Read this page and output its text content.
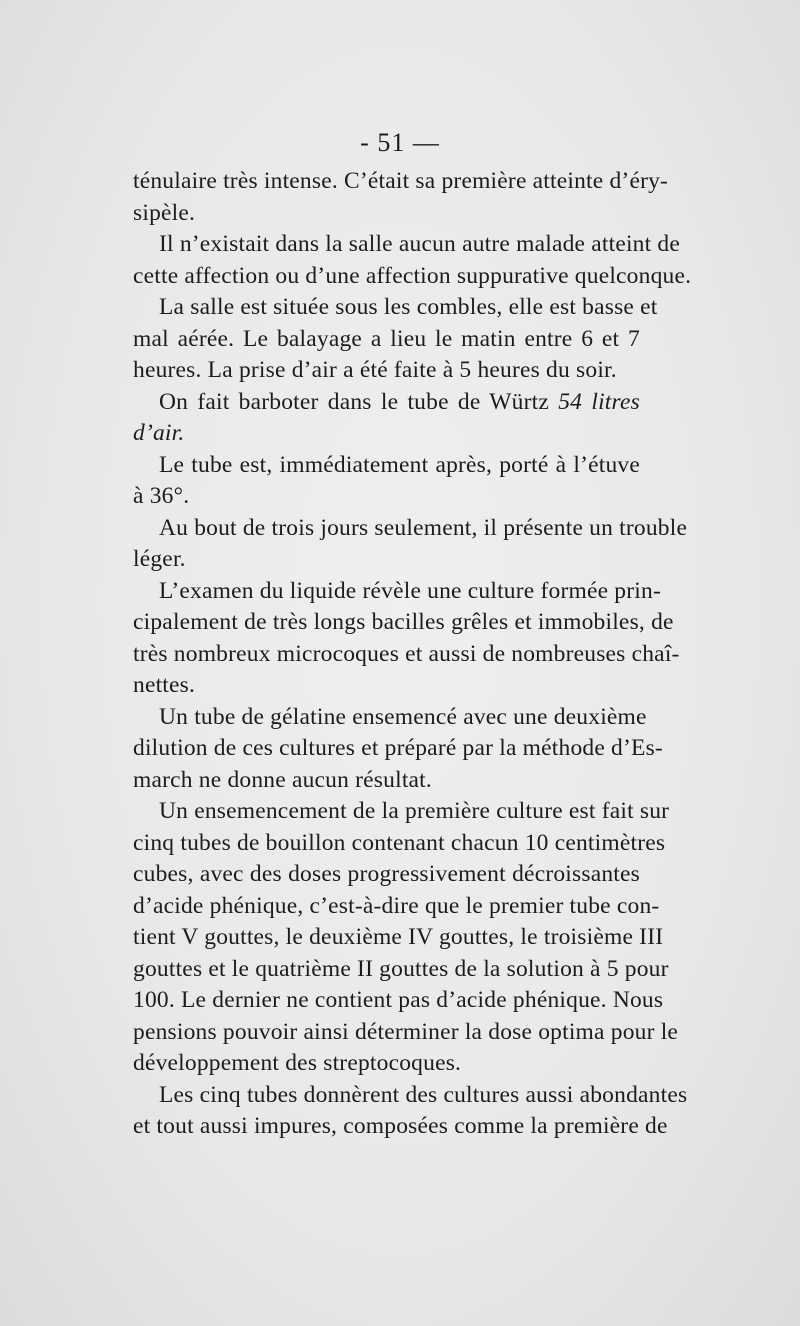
- 51 —
ténulaire très intense. C’était sa première atteinte d’éry-
sipèle.
Il n’existait dans la salle aucun autre malade atteint de
cette affection ou d’une affection suppurative quelconque.
La salle est située sous les combles, elle est basse et
mal aérée. Le balayage a lieu le matin entre 6 et 7
heures. La prise d’air a été faite à 5 heures du soir.
On fait barboter dans le tube de Würtz 54 litres
d’air.
Le tube est, immédiatement après, porté à l’étuve
à 36°.
Au bout de trois jours seulement, il présente un trouble
léger.
L’examen du liquide révèle une culture formée prin-
cipalement de très longs bacilles grêles et immobiles, de
très nombreux microcoques et aussi de nombreuses chaî-
nettes.
Un tube de gélatine ensemencé avec une deuxième
dilution de ces cultures et préparé par la méthode d’Es-
march ne donne aucun résultat.
Un ensemencement de la première culture est fait sur
cinq tubes de bouillon contenant chacun 10 centimètres
cubes, avec des doses progressivement décroissantes
d’acide phénique, c’est-à-dire que le premier tube con-
tient V gouttes, le deuxième IV gouttes, le troisième III
gouttes et le quatrième II gouttes de la solution à 5 pour
100. Le dernier ne contient pas d’acide phénique. Nous
pensions pouvoir ainsi déterminer la dose optima pour le
développement des streptocoques.
Les cinq tubes donnèrent des cultures aussi abondantes
et tout aussi impures, composées comme la première de
